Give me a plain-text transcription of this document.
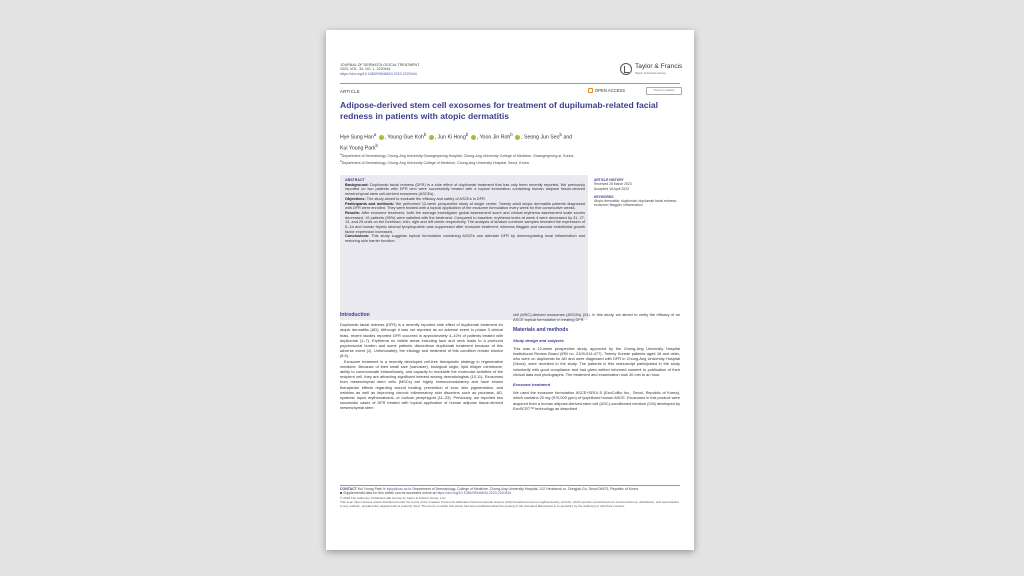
JOURNAL OF DERMATOLOGICAL TREATMENT
2023, VOL. 34, NO. 1, 2220444
https://doi.org/10.1080/09546634.2023.2220444
Taylor & Francis
Taylor & Francis Group
ARTICLE	OPEN ACCESS	Check for updates
Adipose-derived stem cell exosomes for treatment of dupilumab-related facial redness in patients with atopic dermatitis
Hye Sung Han$^a$ , Young Gue Koh$^b$ , Jun Ki Hong$^b$ , Yoon Jin Roh$^b$ , Seong Jun Seo$^b$ and
Kui Young Park$^b$
$^a$Department of Dermatology, Chung-Ang University Gwangmyeong Hospital, Chung-Ang University College of Medicine, Gwangmyeong-si, Korea;
$^b$Department of Dermatology, Chung-Ang University College of Medicine, Chung-Ang University Hospital, Seoul, Korea
ABSTRACT
Background: Dupilumab facial redness (DFR) is a side effect of dupilumab treatment that has only been recently reported. We previously reported on two patients with DFR who were successfully treated with a topical formulation containing human adipose tissue-derived mesenchymal stem cell-derived exosomes (ASCEs).
Objectives: The study aimed to evaluate the efficacy and safety of ASCEs in DFR.
Participants and methods: We performed 12-week prospective study at single center. Twenty adult atopic dermatitis patients diagnosed with DFR were enrolled. They were treated with a topical application of the exosome formulation every week for five consecutive weeks.
Results: After exosome treatment, both the average investigator global assessment score and clinical erythema assessment scale scores decreased. 19 patients (95%) were satisfied with the treatment. Compared to baseline, erythema index at week 4 were decreased by 31, 27, 13, and 25 units on the forehead, chin, right and left cheek respectively. The analysis of stratum corneum samples revealed the expression of IL-1α and human thymic stromal lymphopoietin was suppressed after exosome treatment, whereas filaggrin and vascular endothelial growth factor expression increased.
Conclusions: This study suggests topical formulation containing ASCEs can alleviate DFR by downregulating local inflammation and restoring skin barrier function.
ARTICLE HISTORY
Received 28 March 2023
Accepted 18 April 2023
KEYWORDS
Atopic dermatitis; dupilumab; dupilumab facial redness; exosome; filaggrin; inflammation
Introduction

Dupilumab facial redness (DFR) is a recently reported side effect of dupilumab treatment for atopic dermatitis (AD). Although it was not reported as an adverse event in phase 3 clinical trials, recent studies reported DFR occurred in approximately 4–10% of patients treated with dupilumab (1–7). Erythema on visible areas including face and neck leads to a profound psychosocial burden and some patients discontinue dupilumab treatment because of this adverse event (1). Unfortunately, the etiology and treatment of this condition remain elusive (8,9).

Exosome treatment is a recently developed cell-free therapeutic strategy in regenerative medicine. Because of their small size (nanosize), biological origin, lipid bilayer membrane, ability to communicate intracellularly, and capacity to modulate the molecular activities of the recipient cell, they are attracting significant interest among dermatologists (10,11). Exosomes from mesenchymal stem cells (MSCs) are highly immunomodulatory and have shown therapeutic effects regarding wound healing, prevention of scar, skin pigmentation, and wrinkles as well as improving chronic inflammatory skin disorders such as psoriasis, AD, systemic lupus erythematosus, or bullous pemphigoid (11–23). Previously, we reported two successful cases of DFR treated with topical application of human adipose tissue-derived mesenchymal stem

cell (MSC)-derived exosomes (ASCEs) (24). In this study, we aimed to verify the efficacy of an ASCE topical formulation in treating DFR.

Materials and methods
Study design and subjects

This was a 12-week prospective study, approved by the Chung-Ang University Hospital Institutional Review Board (IRB no. 2109-014-477). Twenty Korean patients aged 18 and older, who were on dupilumab for AD and were diagnosed with DFR in Chung-Ang University Hospital (Seoul), were recruited in the study. The patients in this manuscript participated in the study voluntarily with good compliance and had given written informed consent to publication of their clinical data and photographs. The treatment and examination took 30 min to an hour.

Exosome treatment

We used the exosome formulation ASCE+SRLV-S (ExoCoBio Inc., Seoul, Republic of Korea), which contains 20 mg (970,000 ppm) of lyophilized human ASCE. Exosomes in this product were acquired from a human adipose-derived stem cell (ASC)-conditioned medium (CM) developed by ExoSCRT™ technology as described

CONTACT Kui Young Park ✉ kyky@cau.ac.kr Department of Dermatology, College of Medicine, Chung-Ang University Hospital, 102 Heukseok-ro, Dongjak-Gu, Seoul 06973, Republic of Korea
◙ Supplemental data for this article can be accessed online at https://doi.org/10.1080/09546634.2023.2220444
© 2023 The Author(s). Published with license by Taylor & Francis Group, LLC
This is an Open Access article distributed under the terms of the Creative Commons Attribution-NonCommercial License (http://creativecommons.org/licenses/by-nc/4.0/), which permits unrestricted non-commercial use, distribution, and reproduction in any medium, provided the original work is properly cited. The terms on which this article has been published allow the posting of the Accepted Manuscript in a repository by the author(s) or with their consent.
